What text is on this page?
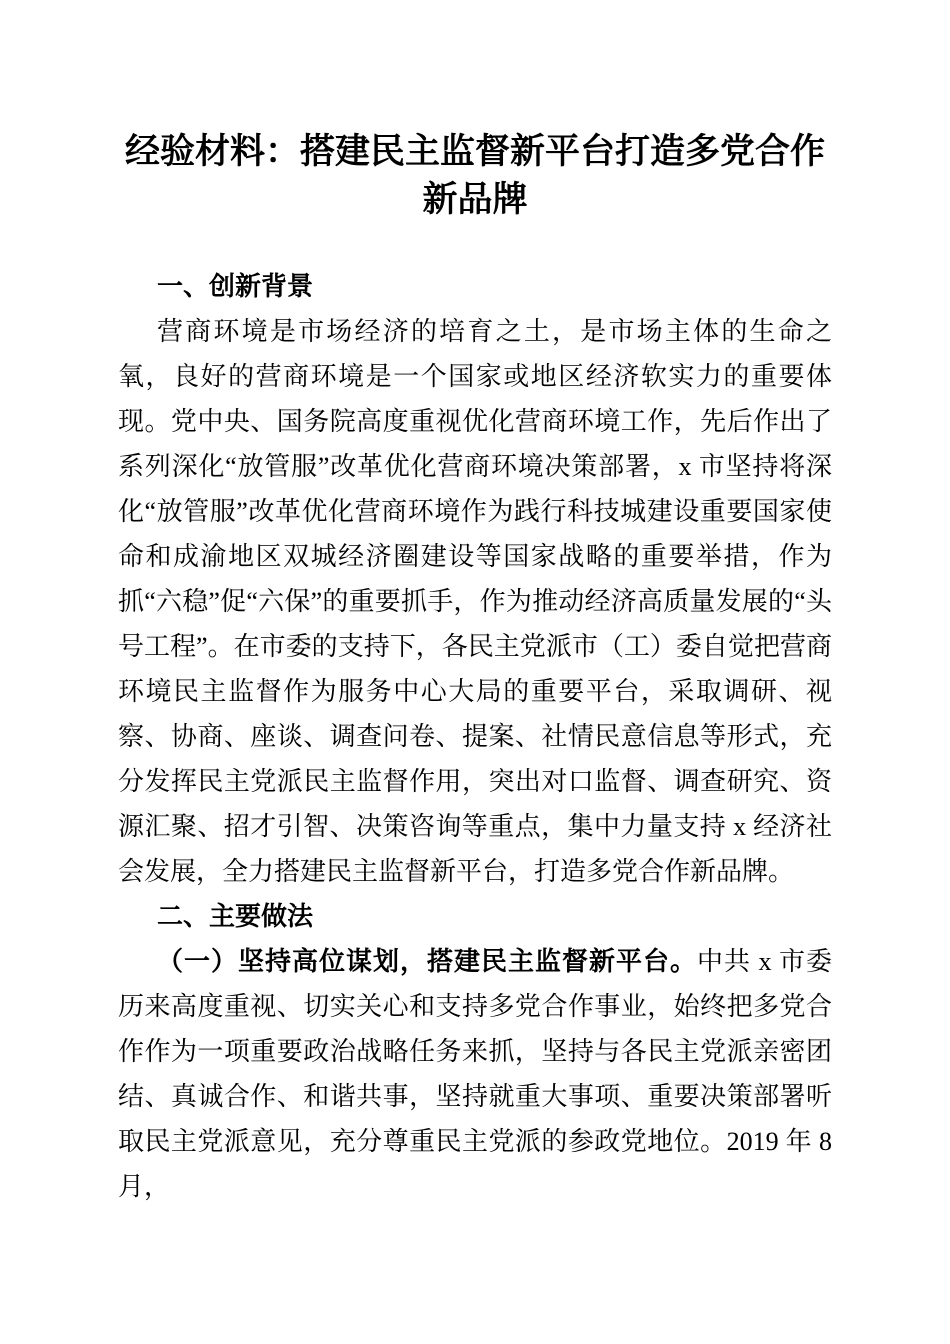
经验材料：搭建民主监督新平台打造多党合作新品牌
一、创新背景

营商环境是市场经济的培育之土，是市场主体的生命之氧，良好的营商环境是一个国家或地区经济软实力的重要体现。党中央、国务院高度重视优化营商环境工作，先后作出了系列深化“放管服”改革优化营商环境决策部署，x 市坚持将深化“放管服”改革优化营商环境作为践行科技城建设重要国家使命和成渝地区双城经济圈建设等国家战略的重要举措，作为抓“六稳”促“六保”的重要抓手，作为推动经济高质量发展的“头号工程”。在市委的支持下，各民主党派市（工）委自觉把营商环境民主监督作为服务中心大局的重要平台，采取调研、视察、协商、座谈、调查问卷、提案、社情民意信息等形式，充分发挥民主党派民主监督作用，突出对口监督、调查研究、资源汇聚、招才引智、决策咨询等重点，集中力量支持 x 经济社会发展，全力搭建民主监督新平台，打造多党合作新品牌。

二、主要做法

（一）坚持高位谋划，搭建民主监督新平台。中共 x 市委历来高度重视、切实关心和支持多党合作事业，始终把多党合作作为一项重要政治战略任务来抓，坚持与各民主党派亲密团结、真诚合作、和谐共事，坚持就重大事项、重要决策部署听取民主党派意见，充分尊重民主党派的参政党地位。2019 年 8 月，
